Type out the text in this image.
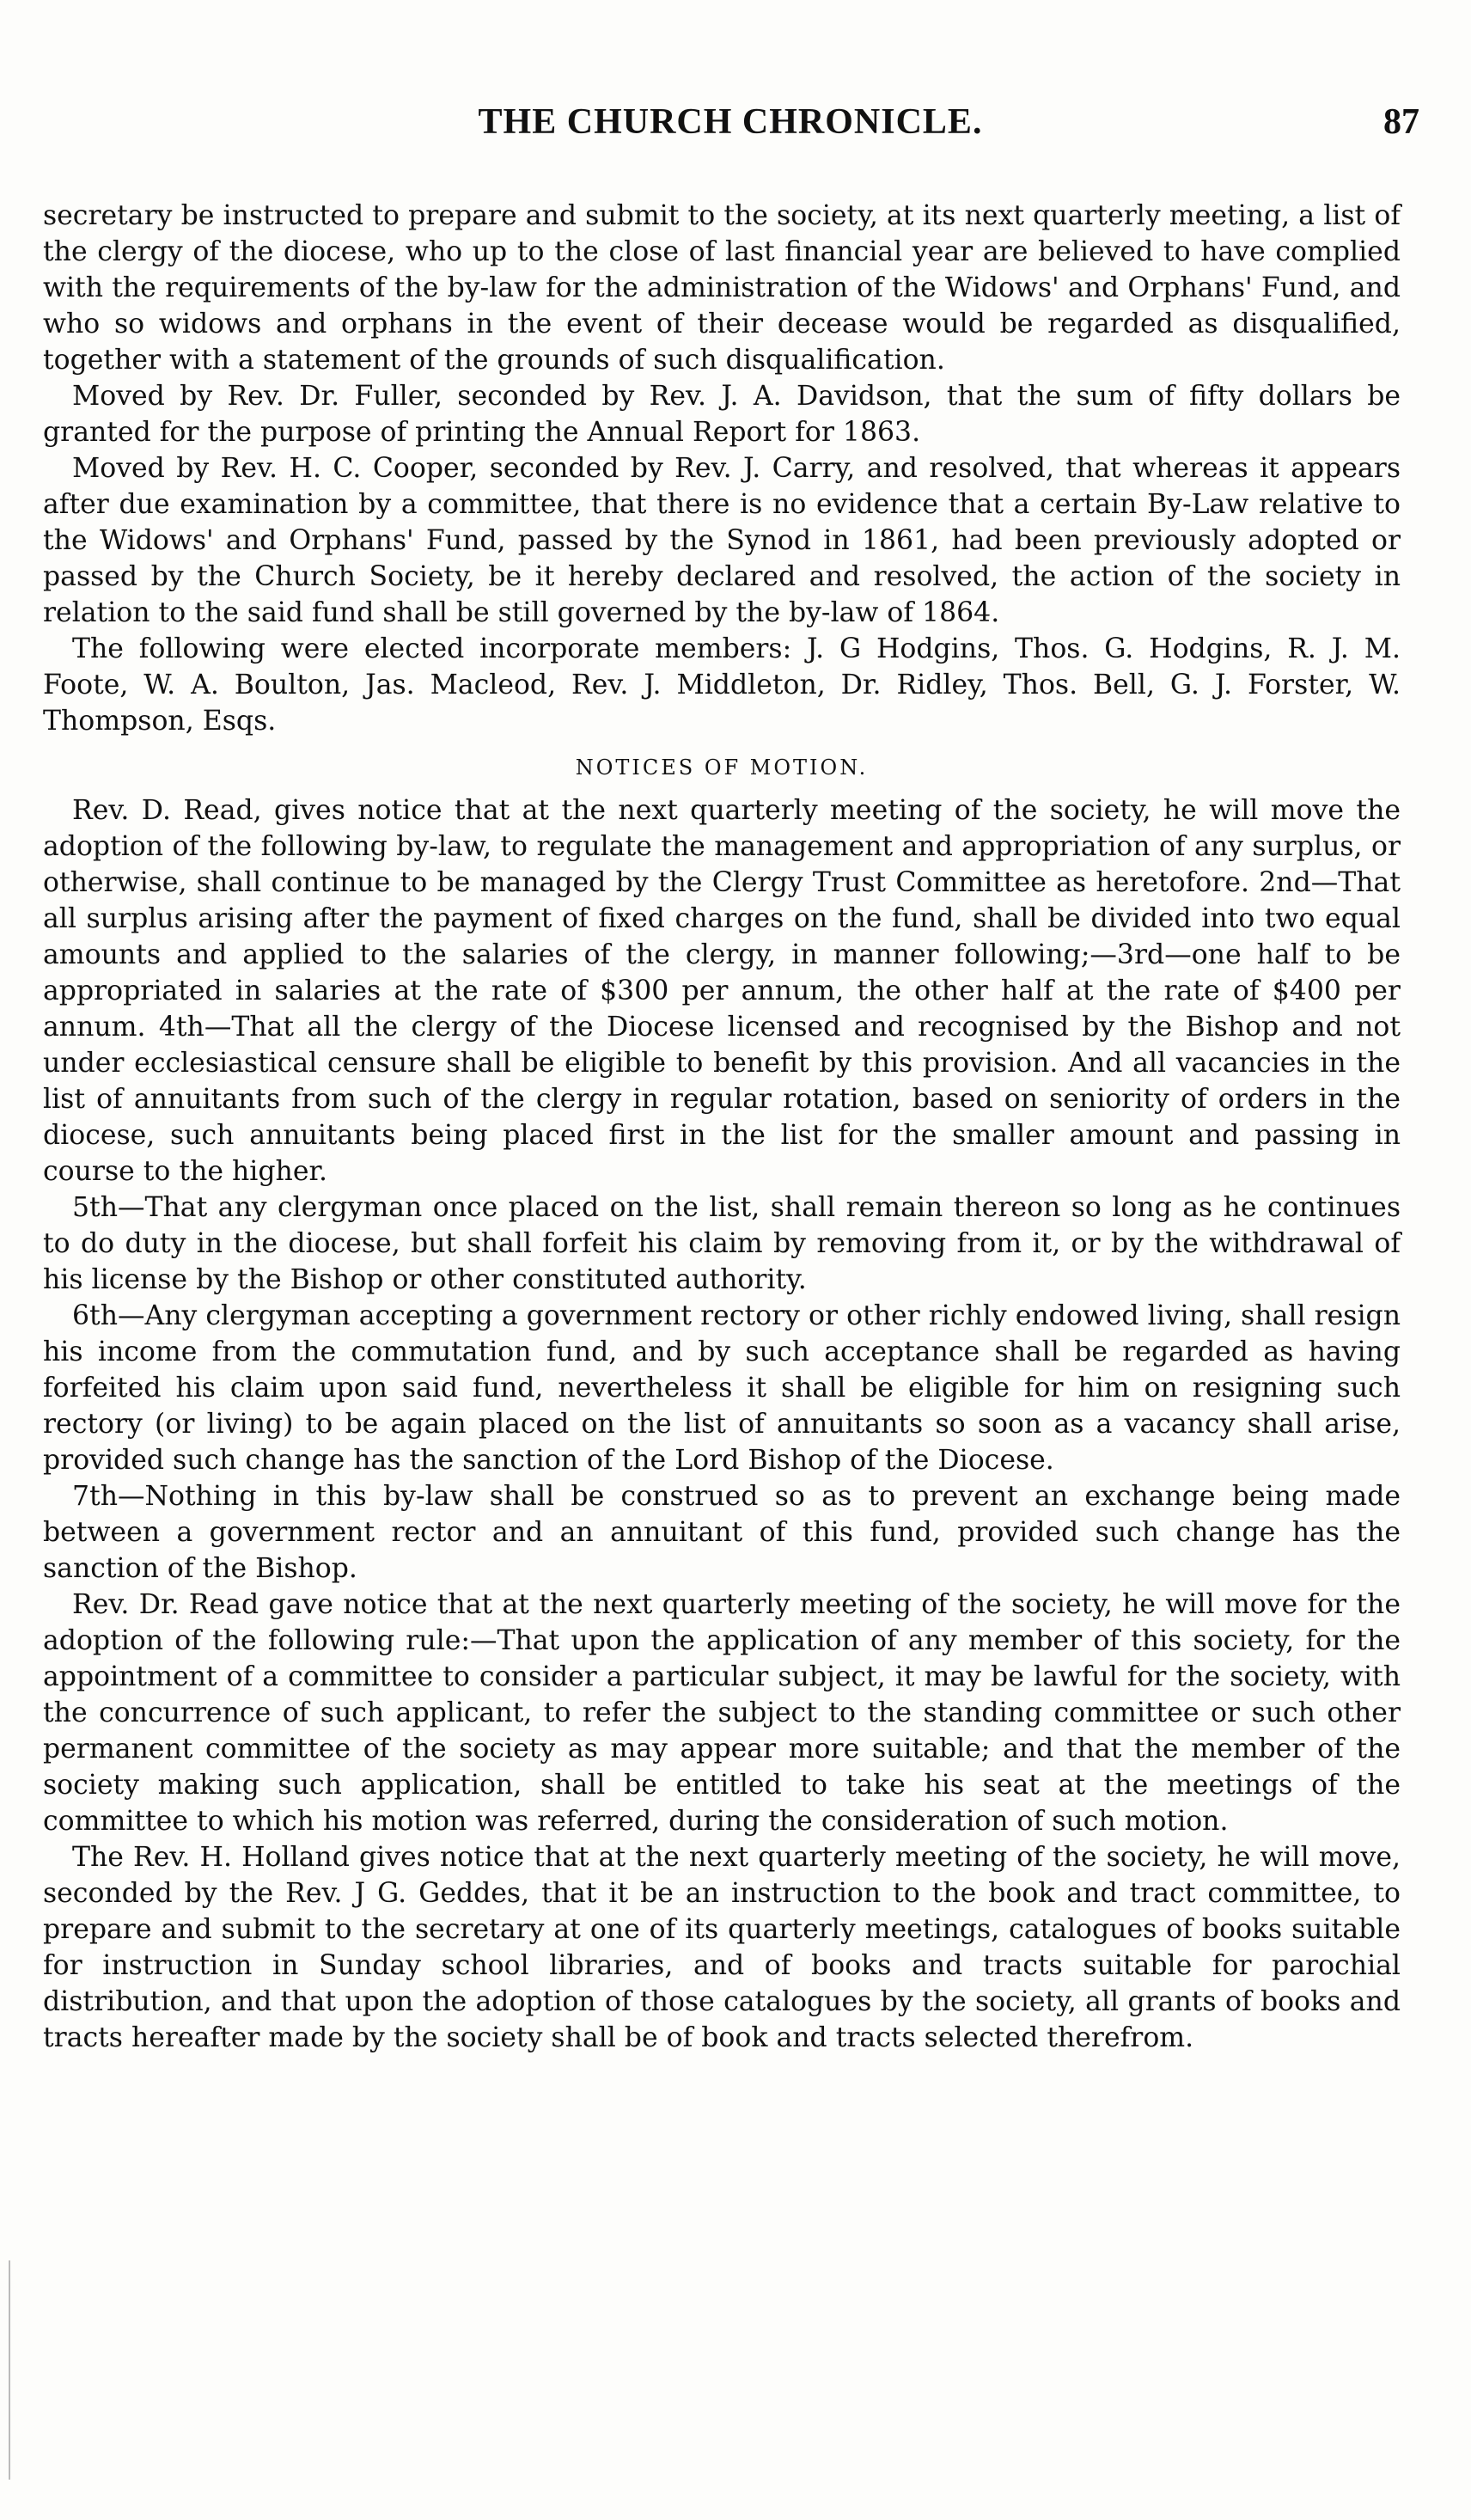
THE CHURCH CHRONICLE.	87

secretary be instructed to prepare and submit to the society, at its next quarterly meeting, a list of the clergy of the diocese, who up to the close of last financial year are believed to have complied with the requirements of the by-law for the administration of the Widows' and Orphans' Fund, and who so widows and orphans in the event of their decease would be regarded as disqualified, together with a statement of the grounds of such disqualification.

Moved by Rev. Dr. Fuller, seconded by Rev. J. A. Davidson, that the sum of fifty dollars be granted for the purpose of printing the Annual Report for 1863.

Moved by Rev. H. C. Cooper, seconded by Rev. J. Carry, and resolved, that whereas it appears after due examination by a committee, that there is no evidence that a certain By-Law relative to the Widows' and Orphans' Fund, passed by the Synod in 1861, had been previously adopted or passed by the Church Society, be it hereby declared and resolved, the action of the society in relation to the said fund shall be still governed by the by-law of 1864.

The following were elected incorporate members: J. G Hodgins, Thos. G. Hodgins, R. J. M. Foote, W. A. Boulton, Jas. Macleod, Rev. J. Middleton, Dr. Ridley, Thos. Bell, G. J. Forster, W. Thompson, Esqs.

NOTICES OF MOTION.

Rev. D. Read, gives notice that at the next quarterly meeting of the society, he will move the adoption of the following by-law, to regulate the management and appropriation of any surplus, or otherwise, shall continue to be managed by the Clergy Trust Committee as heretofore. 2nd—That all surplus arising after the payment of fixed charges on the fund, shall be divided into two equal amounts and applied to the salaries of the clergy, in manner following;—3rd—one half to be appropriated in salaries at the rate of $300 per annum, the other half at the rate of $400 per annum. 4th—That all the clergy of the Diocese licensed and recognised by the Bishop and not under ecclesiastical censure shall be eligible to benefit by this provision. And all vacancies in the list of annuitants from such of the clergy in regular rotation, based on seniority of orders in the diocese, such annuitants being placed first in the list for the smaller amount and passing in course to the higher.

5th—That any clergyman once placed on the list, shall remain thereon so long as he continues to do duty in the diocese, but shall forfeit his claim by removing from it, or by the withdrawal of his license by the Bishop or other constituted authority.

6th—Any clergyman accepting a government rectory or other richly endowed living, shall resign his income from the commutation fund, and by such acceptance shall be regarded as having forfeited his claim upon said fund, nevertheless it shall be eligible for him on resigning such rectory (or living) to be again placed on the list of annuitants so soon as a vacancy shall arise, provided such change has the sanction of the Lord Bishop of the Diocese.

7th—Nothing in this by-law shall be construed so as to prevent an exchange being made between a government rector and an annuitant of this fund, provided such change has the sanction of the Bishop.

Rev. Dr. Read gave notice that at the next quarterly meeting of the society, he will move for the adoption of the following rule:—That upon the application of any member of this society, for the appointment of a committee to consider a particular subject, it may be lawful for the society, with the concurrence of such applicant, to refer the subject to the standing committee or such other permanent committee of the society as may appear more suitable; and that the member of the society making such application, shall be entitled to take his seat at the meetings of the committee to which his motion was referred, during the consideration of such motion.

The Rev. H. Holland gives notice that at the next quarterly meeting of the society, he will move, seconded by the Rev. J G. Geddes, that it be an instruction to the book and tract committee, to prepare and submit to the secretary at one of its quarterly meetings, catalogues of books suitable for instruction in Sunday school libraries, and of books and tracts suitable for parochial distribution, and that upon the adoption of those catalogues by the society, all grants of books and tracts hereafter made by the society shall be of book and tracts selected therefrom.
